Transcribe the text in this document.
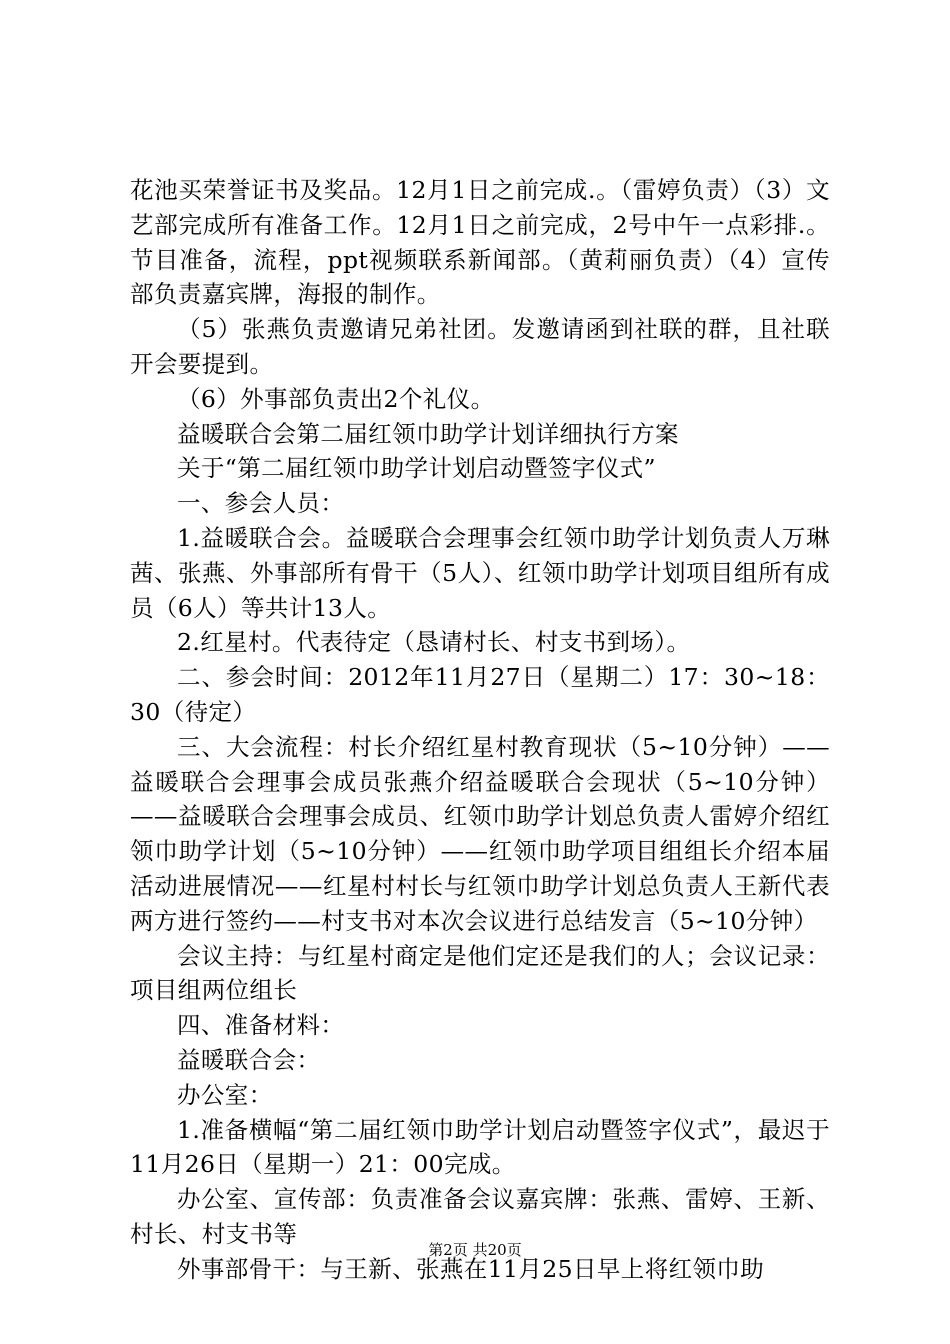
花池买荣誉证书及奖品。12月1日之前完成.。（雷婷负责）（3）文艺部完成所有准备工作。12月1日之前完成，2号中午一点彩排.。节目准备，流程，ppt视频联系新闻部。（黄莉丽负责）（4）宣传部负责嘉宾牌，海报的制作。

（5）张燕负责邀请兄弟社团。发邀请函到社联的群，且社联开会要提到。

（6）外事部负责出2个礼仪。

益暖联合会第二届红领巾助学计划详细执行方案

关于“第二届红领巾助学计划启动暨签字仪式”

一、参会人员：

1.益暖联合会。益暖联合会理事会红领巾助学计划负责人万琳茜、张燕、外事部所有骨干（5人）、红领巾助学计划项目组所有成员（6人）等共计13人。

2.红星村。代表待定（恳请村长、村支书到场）。

二、参会时间：2012年11月27日（星期二）17：30~18：30（待定）

三、大会流程：村长介绍红星村教育现状（5~10分钟）——益暖联合会理事会成员张燕介绍益暖联合会现状（5~10分钟）——益暖联合会理事会成员、红领巾助学计划总负责人雷婷介绍红领巾助学计划（5~10分钟）——红领巾助学项目组组长介绍本届活动进展情况——红星村村长与红领巾助学计划总负责人王新代表两方进行签约——村支书对本次会议进行总结发言（5~10分钟）

会议主持：与红星村商定是他们定还是我们的人；会议记录：项目组两位组长

四、准备材料：

益暖联合会：

办公室：

1.准备横幅“第二届红领巾助学计划启动暨签字仪式”，最迟于11月26日（星期一）21：00完成。

办公室、宣传部：负责准备会议嘉宾牌：张燕、雷婷、王新、村长、村支书等

外事部骨干：与王新、张燕在11月25日早上将红领巾助

第2页 共20页
